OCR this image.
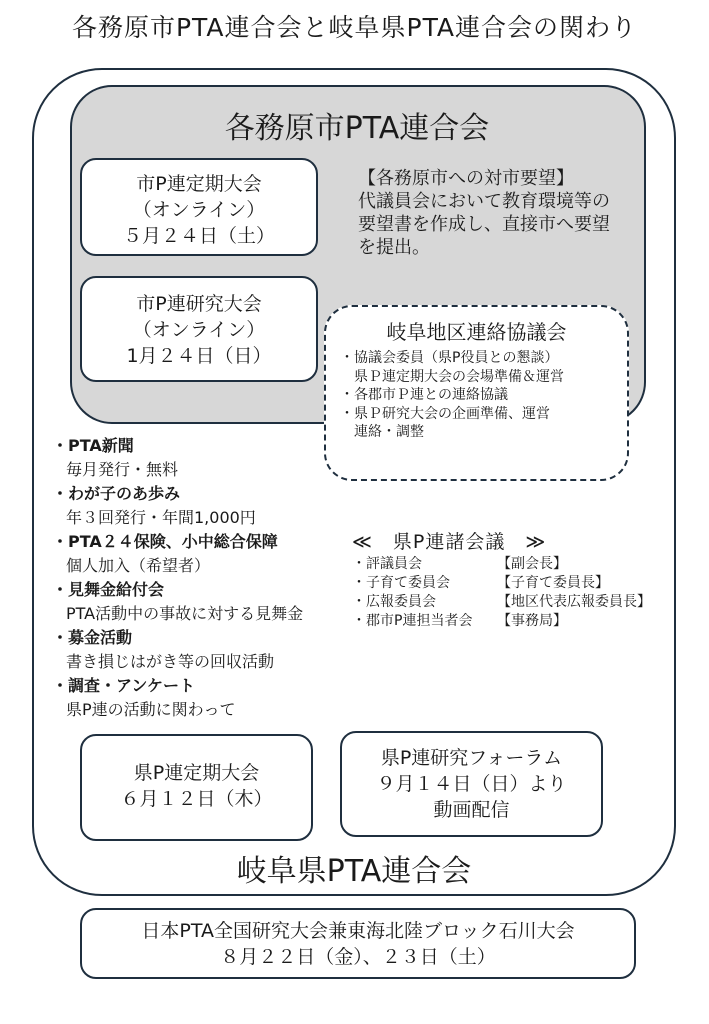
各務原市PTA連合会と岐阜県PTA連合会の関わり
各務原市PTA連合会
市P連定期大会
（オンライン）
５月２４日（土）
市P連研究大会
（オンライン）
1月２４日（日）
【各務原市への対市要望】
代議員会において教育環境等の
要望書を作成し、直接市へ要望
を提出。
岐阜地区連絡協議会
・協議会委員（県P役員との懇談）
　県Ｐ連定期大会の会場準備＆運営
・各郡市Ｐ連との連絡協議
・県Ｐ研究大会の企画準備、運営
　連絡・調整
・PTA新聞
毎月発行・無料
・わが子のあ歩み
年３回発行・年間1,000円
・PTA２４保険、小中総合保障
個人加入（希望者）
・見舞金給付会
PTA活動中の事故に対する見舞金
・募金活動
書き損じはがき等の回収活動
・調査・アンケート
県P連の活動に関わって
≪　県P連諸会議　≫
・評議員会	【副会長】
・子育て委員会	【子育て委員長】
・広報委員会	【地区代表広報委員長】
・郡市P連担当者会	【事務局】
県P連定期大会
６月１２日（木）
県P連研究フォーラム
９月１４日（日）より
動画配信
岐阜県PTA連合会
日本PTA全国研究大会兼東海北陸ブロック石川大会
８月２２日（金）、２３日（土）
